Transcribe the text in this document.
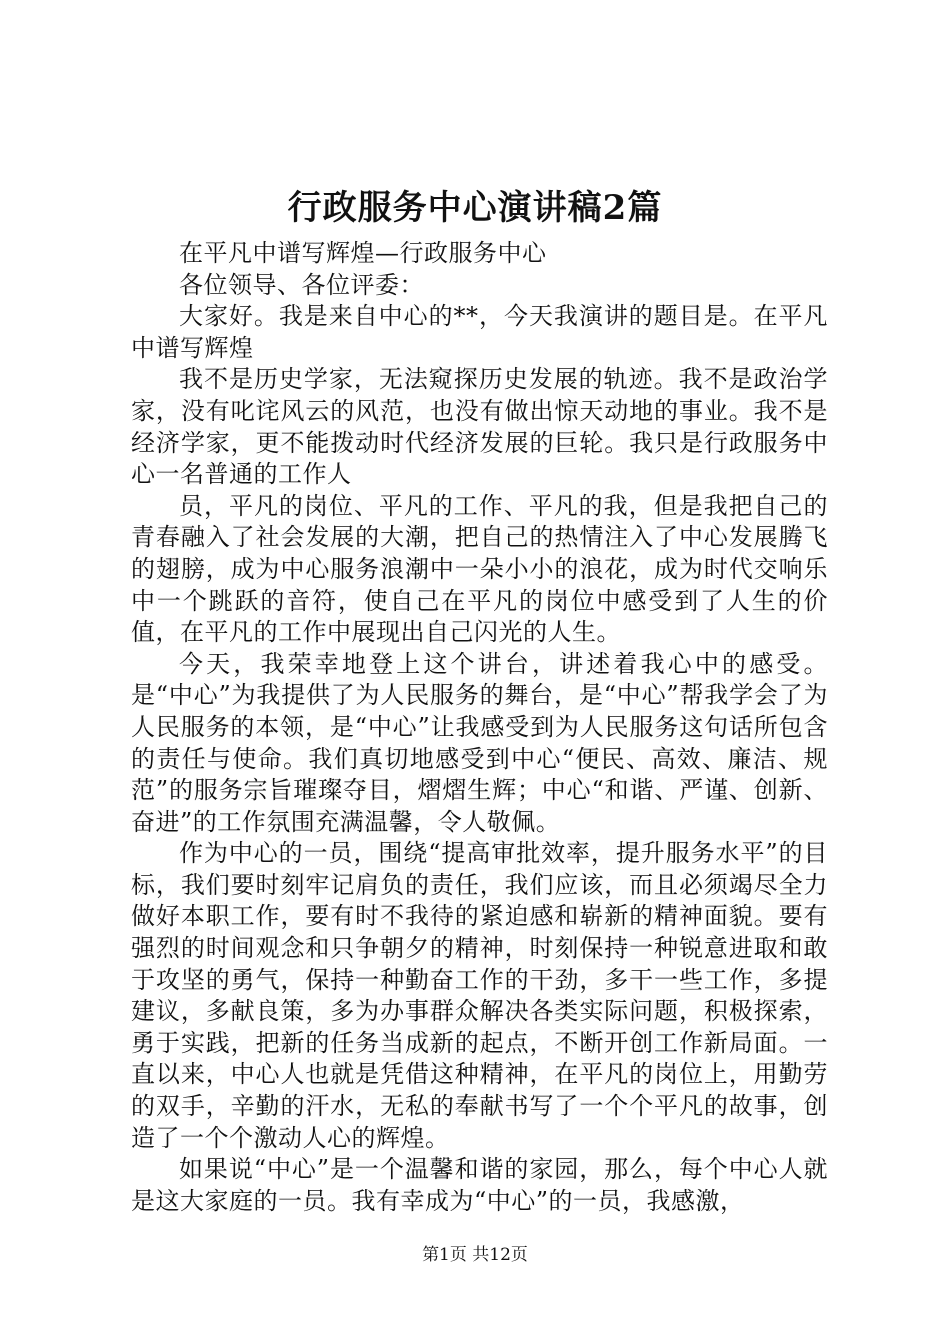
行政服务中心演讲稿2篇

在平凡中谱写辉煌—行政服务中心

各位领导、各位评委：

大家好。我是来自中心的**，今天我演讲的题目是。在平凡中谱写辉煌

我不是历史学家，无法窥探历史发展的轨迹。我不是政治学家，没有叱诧风云的风范，也没有做出惊天动地的事业。我不是经济学家，更不能拨动时代经济发展的巨轮。我只是行政服务中心一名普通的工作人

员，平凡的岗位、平凡的工作、平凡的我，但是我把自己的青春融入了社会发展的大潮，把自己的热情注入了中心发展腾飞的翅膀，成为中心服务浪潮中一朵小小的浪花，成为时代交响乐中一个跳跃的音符，使自己在平凡的岗位中感受到了人生的价值，在平凡的工作中展现出自己闪光的人生。

今天，我荣幸地登上这个讲台，讲述着我心中的感受。是“中心”为我提供了为人民服务的舞台，是“中心”帮我学会了为人民服务的本领，是“中心”让我感受到为人民服务这句话所包含的责任与使命。我们真切地感受到中心“便民、高效、廉洁、规范”的服务宗旨璀璨夺目，熠熠生辉；中心“和谐、严谨、创新、奋进”的工作氛围充满温馨，令人敬佩。

作为中心的一员，围绕“提高审批效率，提升服务水平”的目标，我们要时刻牢记肩负的责任，我们应该，而且必须竭尽全力做好本职工作，要有时不我待的紧迫感和崭新的精神面貌。要有强烈的时间观念和只争朝夕的精神，时刻保持一种锐意进取和敢于攻坚的勇气，保持一种勤奋工作的干劲，多干一些工作，多提建议，多献良策，多为办事群众解决各类实际问题，积极探索，勇于实践，把新的任务当成新的起点，不断开创工作新局面。一直以来，中心人也就是凭借这种精神，在平凡的岗位上，用勤劳的双手，辛勤的汗水，无私的奉献书写了一个个平凡的故事，创造了一个个激动人心的辉煌。

如果说“中心”是一个温馨和谐的家园，那么，每个中心人就是这大家庭的一员。我有幸成为“中心”的一员，我感激，

第1页 共12页
